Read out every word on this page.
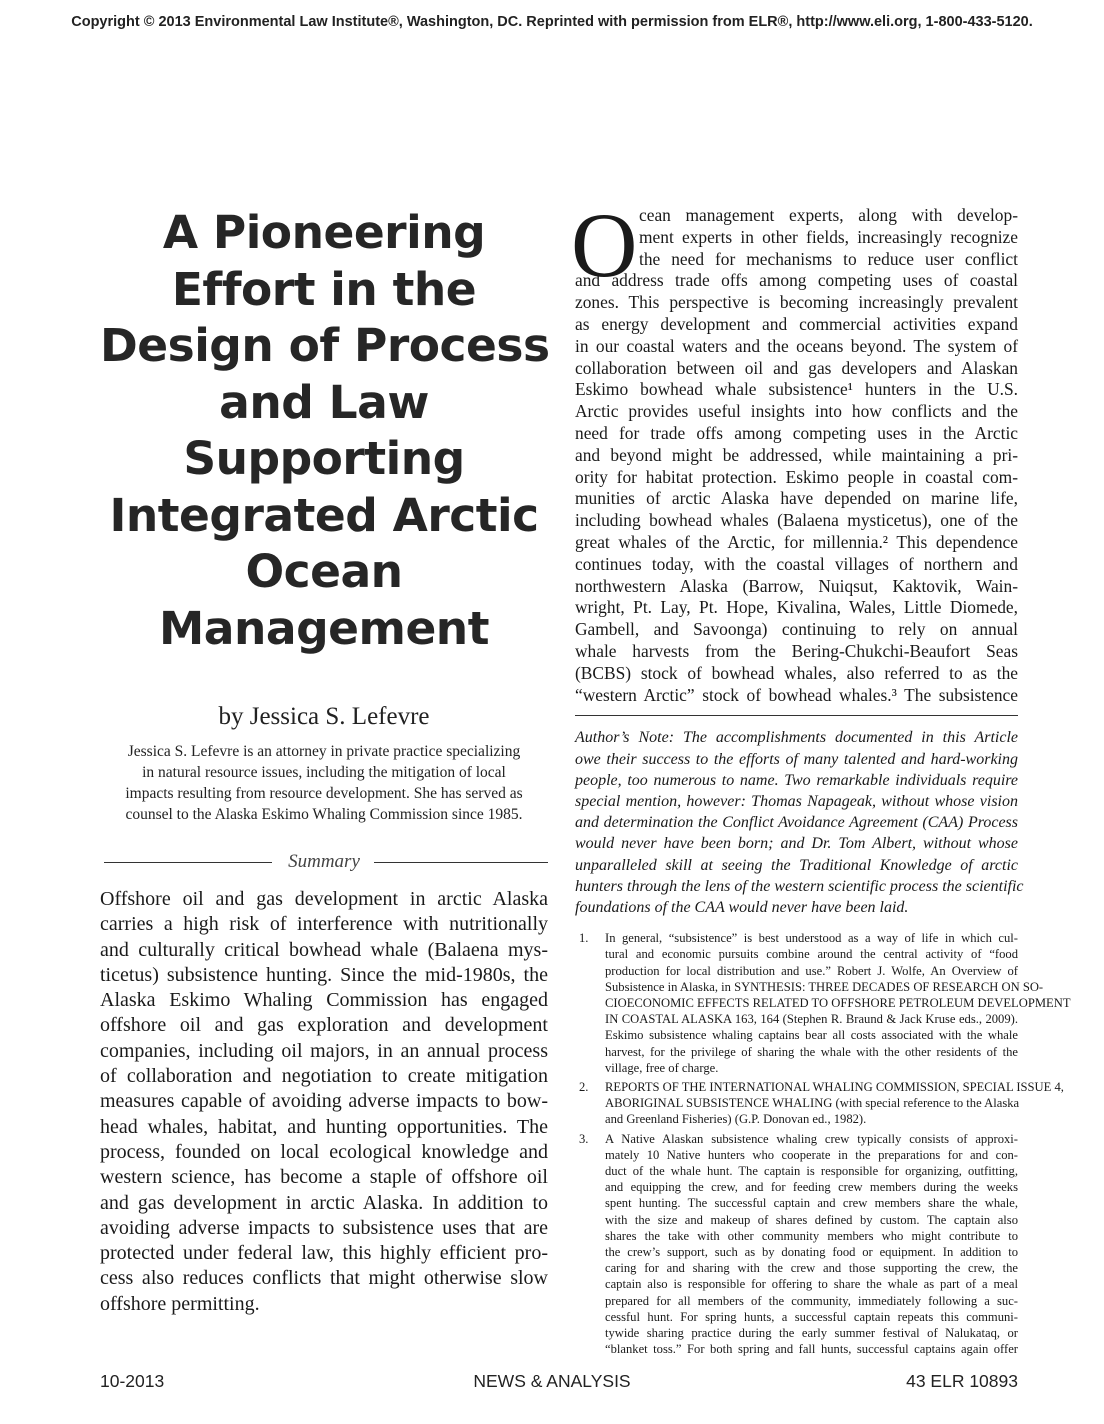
Copyright © 2013 Environmental Law Institute®, Washington, DC. Reprinted with permission from ELR®, http://www.eli.org, 1-800-433-5120.
A Pioneering
Effort in the
Design of Process
and Law
Supporting
Integrated Arctic
Ocean
Management
by Jessica S. Lefevre
Jessica S. Lefevre is an attorney in private practice specializing
in natural resource issues, including the mitigation of local
impacts resulting from resource development. She has served as
counsel to the Alaska Eskimo Whaling Commission since 1985.
Summary
Offshore oil and gas development in arctic Alaska
carries a high risk of interference with nutritionally
and culturally critical bowhead whale (Balaena mys-
ticetus) subsistence hunting. Since the mid-1980s, the
Alaska Eskimo Whaling Commission has engaged
offshore oil and gas exploration and development
companies, including oil majors, in an annual process
of collaboration and negotiation to create mitigation
measures capable of avoiding adverse impacts to bow-
head whales, habitat, and hunting opportunities. The
process, founded on local ecological knowledge and
western science, has become a staple of offshore oil
and gas development in arctic Alaska. In addition to
avoiding adverse impacts to subsistence uses that are
protected under federal law, this highly efficient pro-
cess also reduces conflicts that might otherwise slow
offshore permitting.
O cean management experts, along with develop-
ment experts in other fields, increasingly recognize
the need for mechanisms to reduce user conflict
and address trade offs among competing uses of coastal
zones. This perspective is becoming increasingly prevalent
as energy development and commercial activities expand
in our coastal waters and the oceans beyond. The system of
collaboration between oil and gas developers and Alaskan
Eskimo bowhead whale subsistence¹ hunters in the U.S.
Arctic provides useful insights into how conflicts and the
need for trade offs among competing uses in the Arctic
and beyond might be addressed, while maintaining a pri-
ority for habitat protection. Eskimo people in coastal com-
munities of arctic Alaska have depended on marine life,
including bowhead whales (Balaena mysticetus), one of the
great whales of the Arctic, for millennia.² This dependence
continues today, with the coastal villages of northern and
northwestern Alaska (Barrow, Nuiqsut, Kaktovik, Wain-
wright, Pt. Lay, Pt. Hope, Kivalina, Wales, Little Diomede,
Gambell, and Savoonga) continuing to rely on annual
whale harvests from the Bering-Chukchi-Beaufort Seas
(BCBS) stock of bowhead whales, also referred to as the
“western Arctic” stock of bowhead whales.³ The subsistence
Author’s Note: The accomplishments documented in this Article
owe their success to the efforts of many talented and hard-working
people, too numerous to name. Two remarkable individuals require
special mention, however: Thomas Napageak, without whose vision
and determination the Conflict Avoidance Agreement (CAA) Process
would never have been born; and Dr. Tom Albert, without whose
unparalleled skill at seeing the Traditional Knowledge of arctic
hunters through the lens of the western scientific process the scientific
foundations of the CAA would never have been laid.
1. In general, “subsistence” is best understood as a way of life in which cul-
tural and economic pursuits combine around the central activity of “food
production for local distribution and use.” Robert J. Wolfe, An Overview of
Subsistence in Alaska, in SYNTHESIS: THREE DECADES OF RESEARCH ON SO-
CIOECONOMIC EFFECTS RELATED TO OFFSHORE PETROLEUM DEVELOPMENT
IN COASTAL ALASKA 163, 164 (Stephen R. Braund & Jack Kruse eds., 2009).
Eskimo subsistence whaling captains bear all costs associated with the whale
harvest, for the privilege of sharing the whale with the other residents of the
village, free of charge.
2. REPORTS OF THE INTERNATIONAL WHALING COMMISSION, SPECIAL ISSUE 4,
ABORIGINAL SUBSISTENCE WHALING (with special reference to the Alaska
and Greenland Fisheries) (G.P. Donovan ed., 1982).
3. A Native Alaskan subsistence whaling crew typically consists of approxi-
mately 10 Native hunters who cooperate in the preparations for and con-
duct of the whale hunt. The captain is responsible for organizing, outfitting,
and equipping the crew, and for feeding crew members during the weeks
spent hunting. The successful captain and crew members share the whale,
with the size and makeup of shares defined by custom. The captain also
shares the take with other community members who might contribute to
the crew’s support, such as by donating food or equipment. In addition to
caring for and sharing with the crew and those supporting the crew, the
captain also is responsible for offering to share the whale as part of a meal
prepared for all members of the community, immediately following a suc-
cessful hunt. For spring hunts, a successful captain repeats this communi-
tywide sharing practice during the early summer festival of Nalukataq, or
“blanket toss.” For both spring and fall hunts, successful captains again offer
10-2013	NEWS & ANALYSIS	43 ELR 10893
